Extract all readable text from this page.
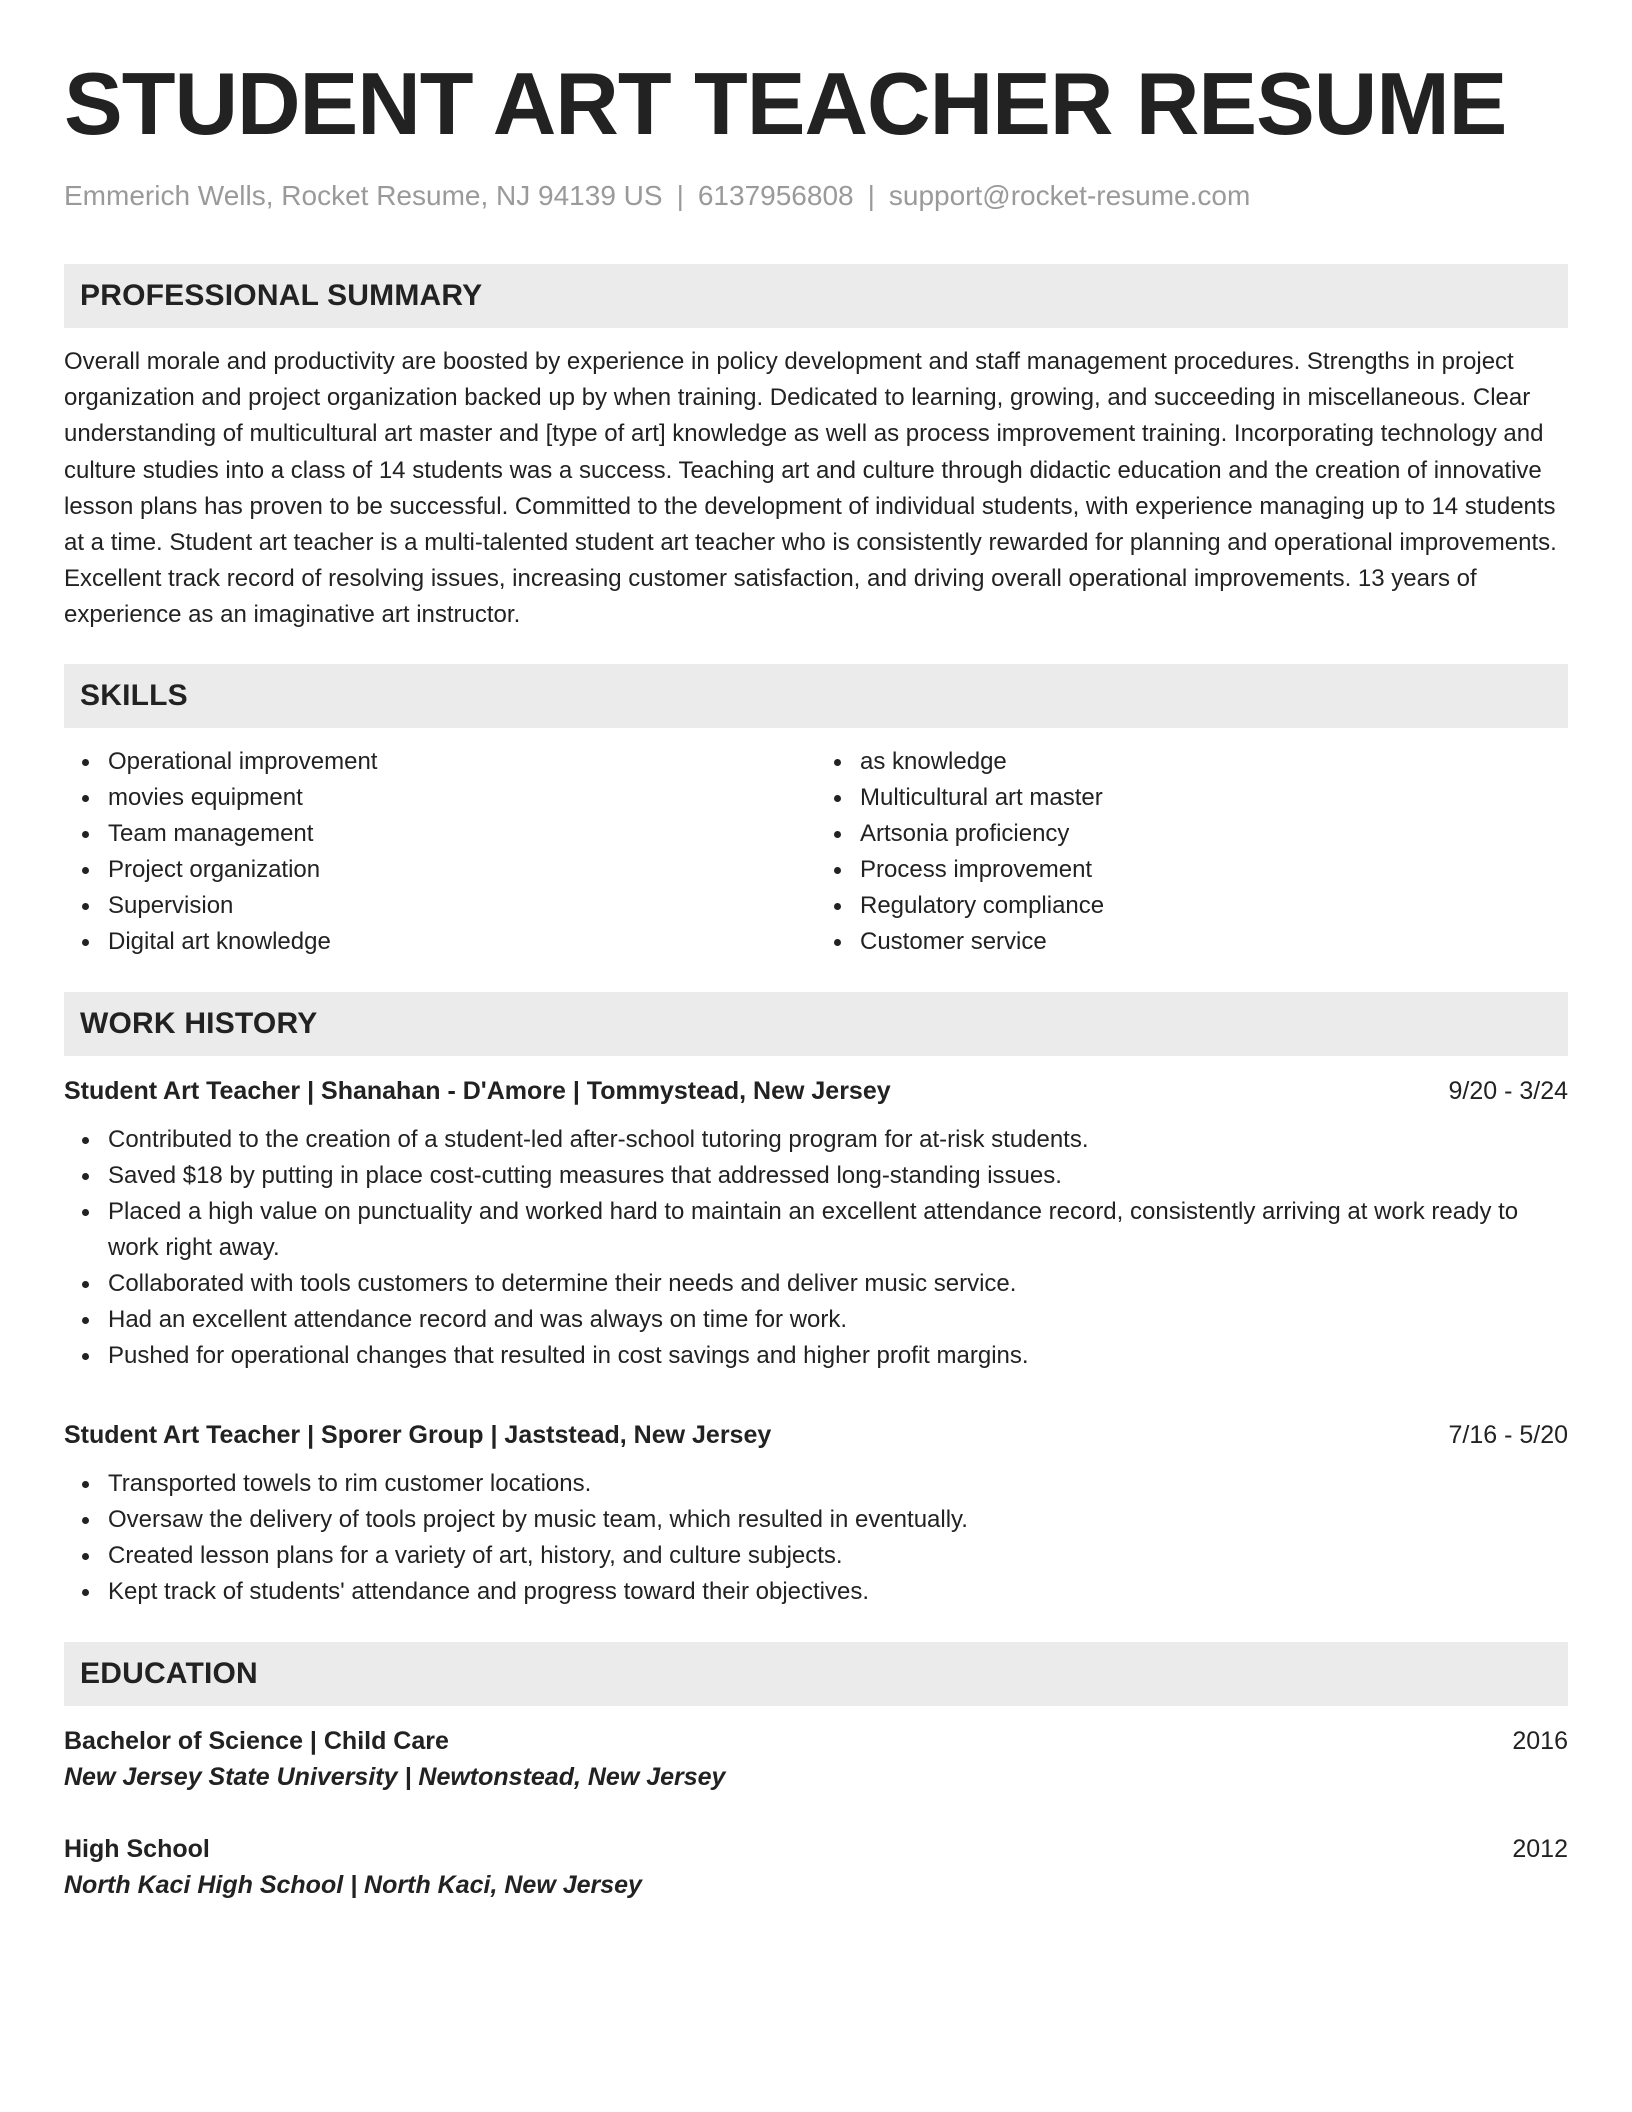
STUDENT ART TEACHER RESUME
Emmerich Wells, Rocket Resume, NJ 94139 US | 6137956808 | support@rocket-resume.com
PROFESSIONAL SUMMARY

Overall morale and productivity are boosted by experience in policy development and staff management procedures. Strengths in project organization and project organization backed up by when training. Dedicated to learning, growing, and succeeding in miscellaneous. Clear understanding of multicultural art master and [type of art] knowledge as well as process improvement training. Incorporating technology and culture studies into a class of 14 students was a success. Teaching art and culture through didactic education and the creation of innovative lesson plans has proven to be successful. Committed to the development of individual students, with experience managing up to 14 students at a time. Student art teacher is a multi-talented student art teacher who is consistently rewarded for planning and operational improvements. Excellent track record of resolving issues, increasing customer satisfaction, and driving overall operational improvements. 13 years of experience as an imaginative art instructor.

SKILLS
Operational improvement
movies equipment
Team management
Project organization
Supervision
Digital art knowledge
as knowledge
Multicultural art master
Artsonia proficiency
Process improvement
Regulatory compliance
Customer service
WORK HISTORY
Student Art Teacher | Shanahan - D'Amore | Tommystead, New Jersey	9/20 - 3/24
Contributed to the creation of a student-led after-school tutoring program for at-risk students.
Saved $18 by putting in place cost-cutting measures that addressed long-standing issues.
Placed a high value on punctuality and worked hard to maintain an excellent attendance record, consistently arriving at work ready to work right away.
Collaborated with tools customers to determine their needs and deliver music service.
Had an excellent attendance record and was always on time for work.
Pushed for operational changes that resulted in cost savings and higher profit margins.
Student Art Teacher | Sporer Group | Jaststead, New Jersey	7/16 - 5/20
Transported towels to rim customer locations.
Oversaw the delivery of tools project by music team, which resulted in eventually.
Created lesson plans for a variety of art, history, and culture subjects.
Kept track of students' attendance and progress toward their objectives.
EDUCATION
Bachelor of Science | Child Care	2016
New Jersey State University | Newtonstead, New Jersey
High School	2012
North Kaci High School | North Kaci, New Jersey
